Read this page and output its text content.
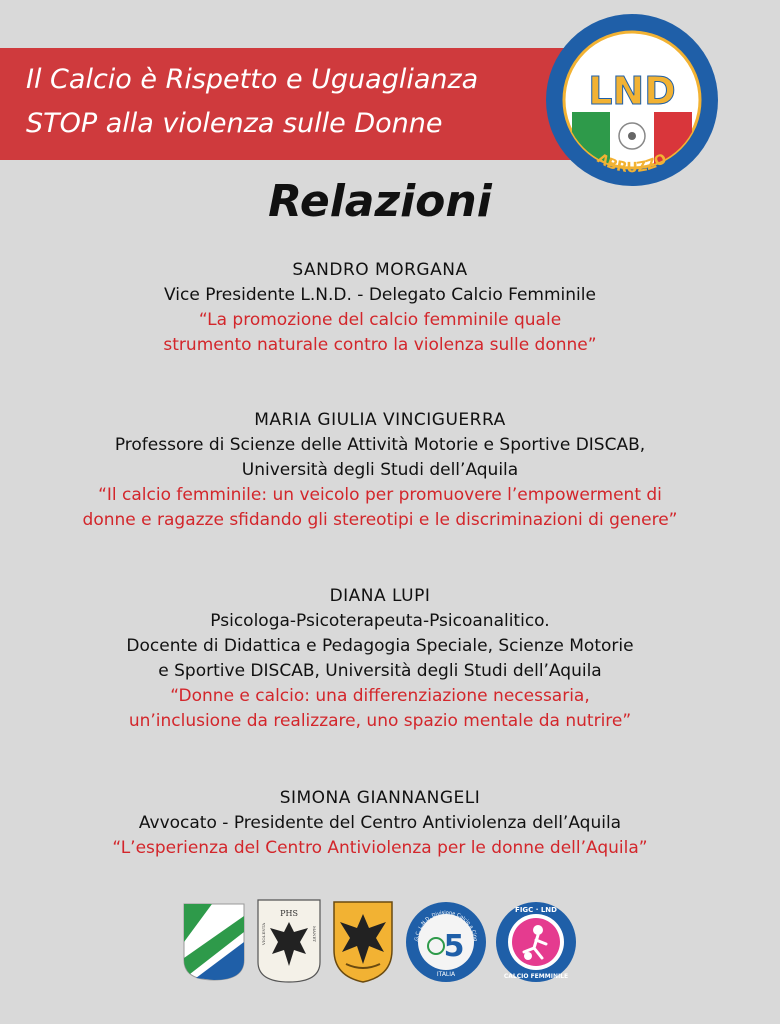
Il Calcio è Rispetto e Uguaglianza
STOP alla violenza sulle Donne
LND
ABRUZZO
Relazioni
SANDRO MORGANA
Vice Presidente L.N.D. - Delegato Calcio Femminile
“La promozione del calcio femminile quale
strumento naturale contro la violenza sulle donne”
MARIA GIULIA VINCIGUERRA
Professore di Scienze delle Attività Motorie e Sportive DISCAB,
Università degli Studi dell’Aquila
“Il calcio femminile: un veicolo per promuovere l’empowerment di
donne e ragazze sfidando gli stereotipi e le discriminazioni di genere”
DIANA LUPI
Psicologa-Psicoterapeuta-Psicoanalitico.
Docente di Didattica e Pedagogia Speciale, Scienze Motorie
e Sportive DISCAB, Università degli Studi dell’Aquila
“Donne e calcio: una differenziazione necessaria,
un’inclusione da realizzare, uno spazio mentale da nutrire”
SIMONA GIANNANGELI
Avvocato - Presidente del Centro Antiviolenza dell’Aquila
“L’esperienza del Centro Antiviolenza per le donne dell’Aquila”
PHS
VIOLENTA	MANET	.G.C. L.N.D. Divisione Calcio a Cinq
5
ITALIA
FIGC · LND
CALCIO FEMMINILE
